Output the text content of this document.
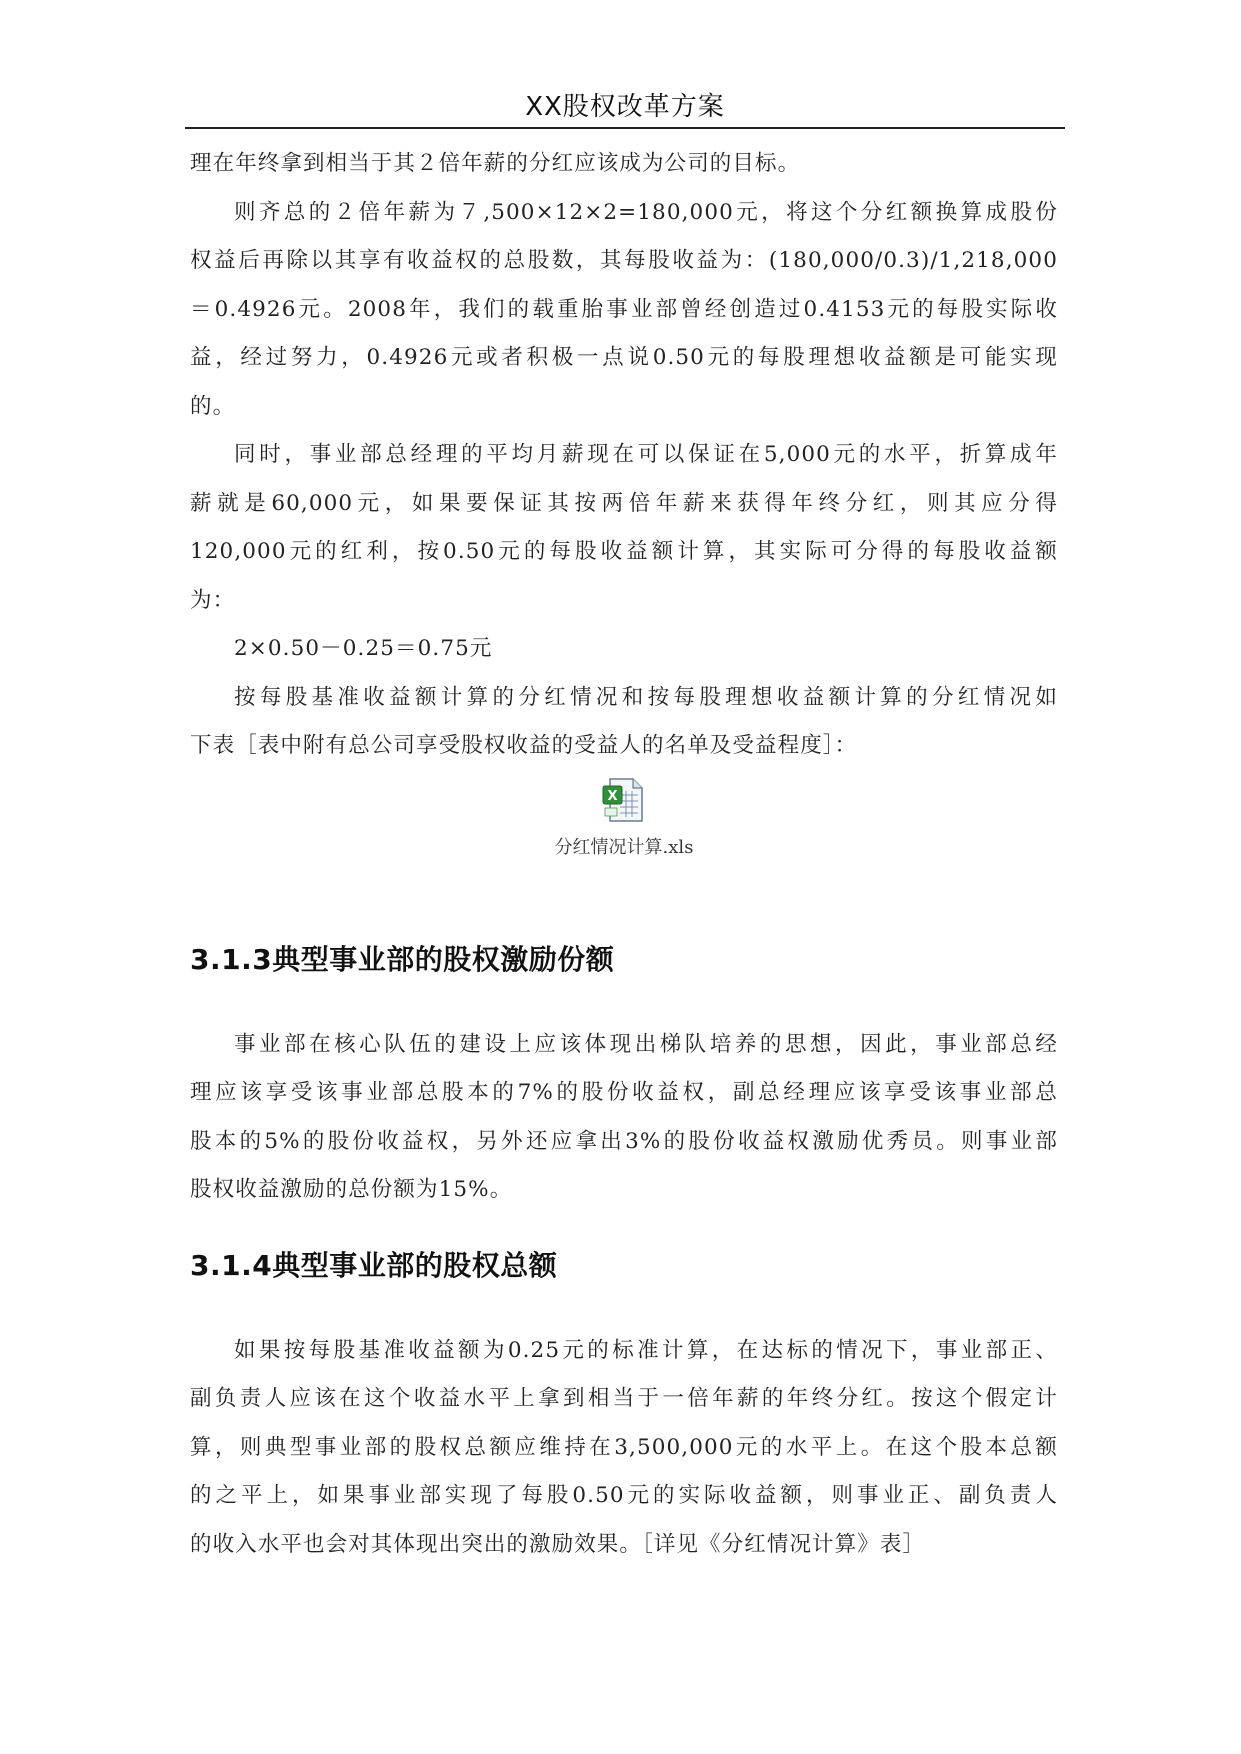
XX股权改革方案
理在年终拿到相当于其２倍年薪的分红应该成为公司的目标。
则齐总的２倍年薪为７,500×12×2=180,000元，将这个分红额换算成股份
权益后再除以其享有收益权的总股数，其每股收益为：(180,000/0.3)/1,218,000
＝0.4926元。2008年，我们的载重胎事业部曾经创造过0.4153元的每股实际收
益，经过努力，0.4926元或者积极一点说0.50元的每股理想收益额是可能实现
的。
同时，事业部总经理的平均月薪现在可以保证在5,000元的水平，折算成年
薪就是60,000元，如果要保证其按两倍年薪来获得年终分红，则其应分得
120,000元的红利，按0.50元的每股收益额计算，其实际可分得的每股收益额
为：
2×0.50－0.25＝0.75元
按每股基准收益额计算的分红情况和按每股理想收益额计算的分红情况如
下表［表中附有总公司享受股权收益的受益人的名单及受益程度］：
X
分红情况计算.xls
3.1.3典型事业部的股权激励份额
事业部在核心队伍的建设上应该体现出梯队培养的思想，因此，事业部总经
理应该享受该事业部总股本的7%的股份收益权，副总经理应该享受该事业部总
股本的5%的股份收益权，另外还应拿出3%的股份收益权激励优秀员。则事业部
股权收益激励的总份额为15%。
3.1.4典型事业部的股权总额
如果按每股基准收益额为0.25元的标准计算，在达标的情况下，事业部正、
副负责人应该在这个收益水平上拿到相当于一倍年薪的年终分红。按这个假定计
算，则典型事业部的股权总额应维持在3,500,000元的水平上。在这个股本总额
的之平上，如果事业部实现了每股0.50元的实际收益额，则事业正、副负责人
的收入水平也会对其体现出突出的激励效果。［详见《分红情况计算》表］
